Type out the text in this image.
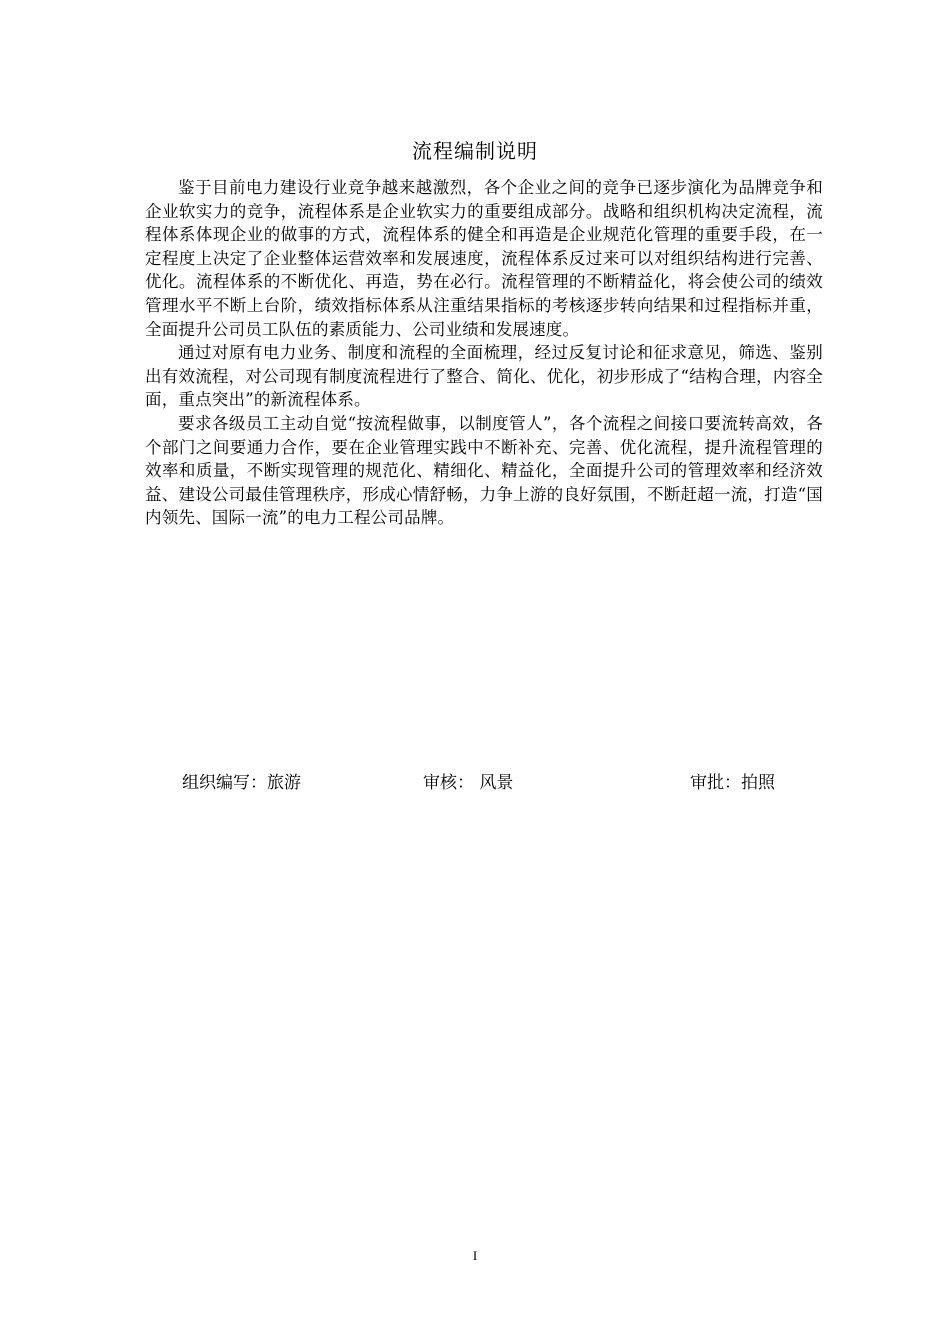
流程编制说明

鉴于目前电力建设行业竞争越来越激烈，各个企业之间的竞争已逐步演化为品牌竞争和企业软实力的竞争，流程体系是企业软实力的重要组成部分。战略和组织机构决定流程，流程体系体现企业的做事的方式，流程体系的健全和再造是企业规范化管理的重要手段，在一定程度上决定了企业整体运营效率和发展速度，流程体系反过来可以对组织结构进行完善、优化。流程体系的不断优化、再造，势在必行。流程管理的不断精益化，将会使公司的绩效管理水平不断上台阶，绩效指标体系从注重结果指标的考核逐步转向结果和过程指标并重，全面提升公司员工队伍的素质能力、公司业绩和发展速度。

通过对原有电力业务、制度和流程的全面梳理，经过反复讨论和征求意见，筛选、鉴别出有效流程，对公司现有制度流程进行了整合、简化、优化，初步形成了“结构合理，内容全面，重点突出”的新流程体系。

要求各级员工主动自觉“按流程做事，以制度管人”，各个流程之间接口要流转高效，各个部门之间要通力合作，要在企业管理实践中不断补充、完善、优化流程，提升流程管理的效率和质量，不断实现管理的规范化、精细化、精益化，全面提升公司的管理效率和经济效益、建设公司最佳管理秩序，形成心情舒畅，力争上游的良好氛围，不断赶超一流，打造“国内领先、国际一流”的电力工程公司品牌。

组织编写：旅游	审核： 风景	审批：拍照
I
